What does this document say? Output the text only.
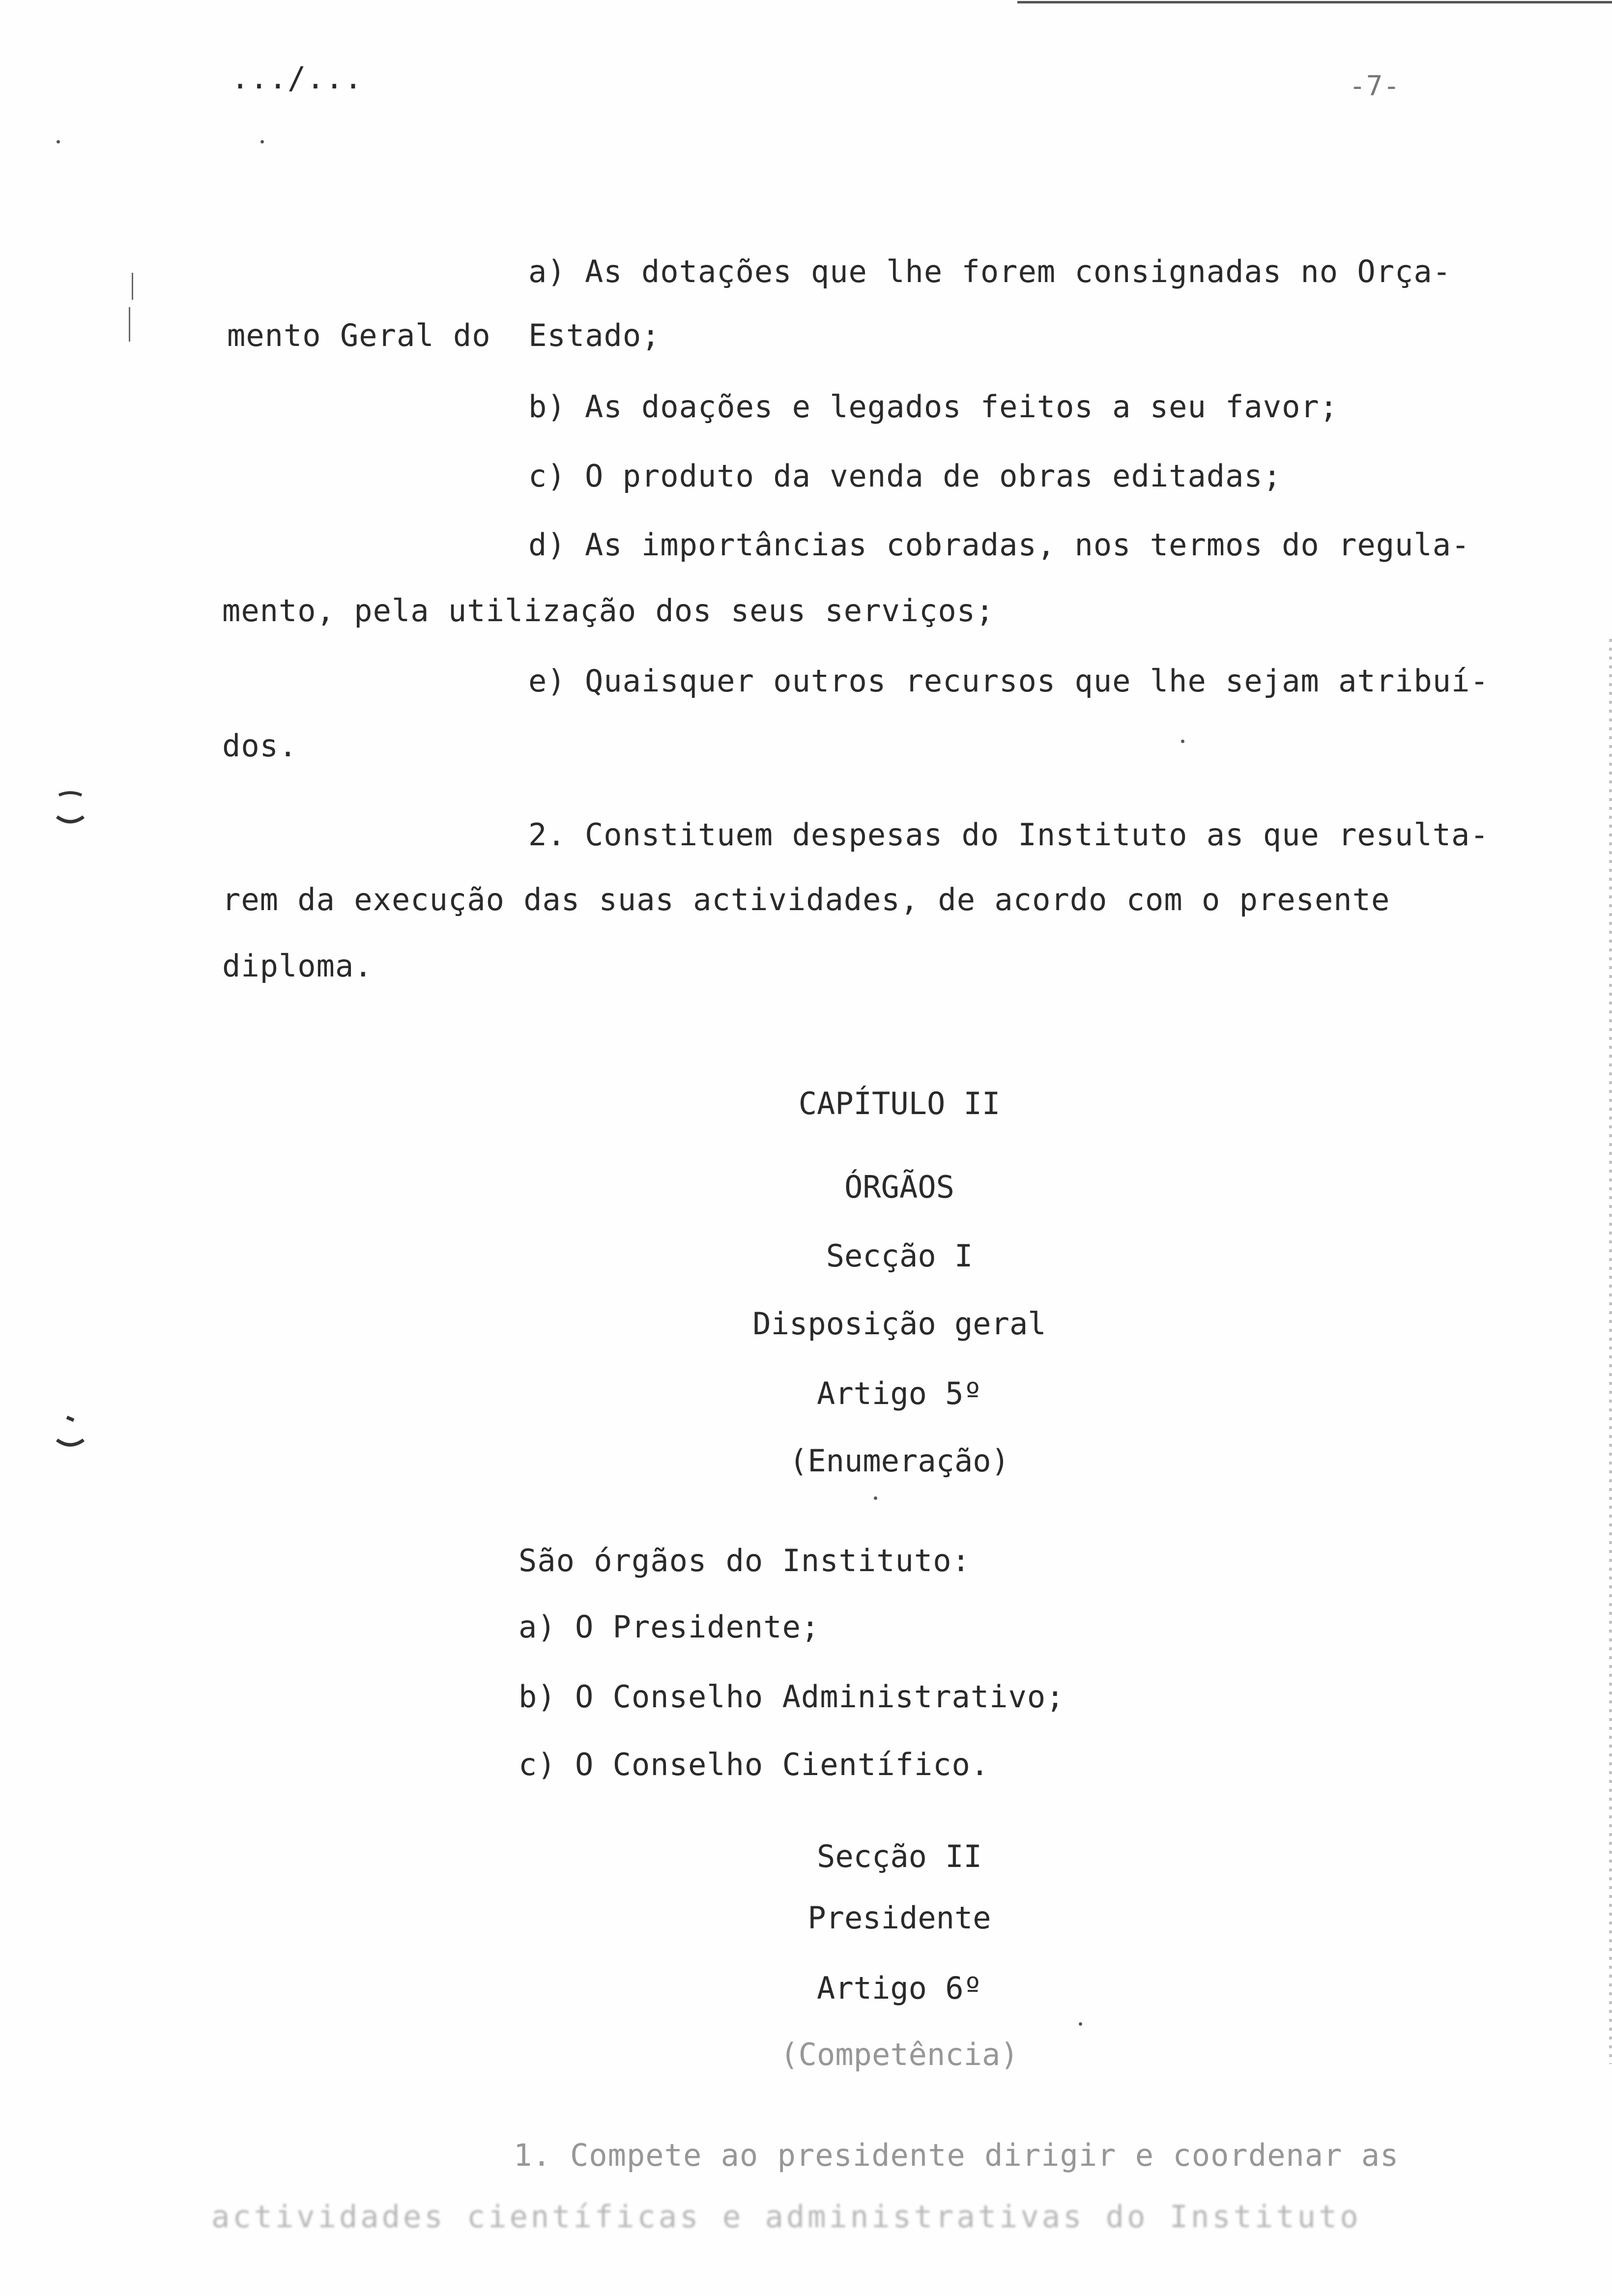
.../...	-7-
a) As dotações que lhe forem consignadas no Orça-
mento Geral do  Estado;
b) As doações e legados feitos a seu favor;
c) O produto da venda de obras editadas;
d) As importâncias cobradas, nos termos do regula-
mento, pela utilização dos seus serviços;
e) Quaisquer outros recursos que lhe sejam atribuí-
dos.
2. Constituem despesas do Instituto as que resulta-
rem da execução das suas actividades, de acordo com o presente
diploma.
CAPÍTULO II
ÓRGÃOS
Secção I
Disposição geral
Artigo 5º
(Enumeração)
São órgãos do Instituto:
a) O Presidente;
b) O Conselho Administrativo;
c) O Conselho Científico.
Secção II
Presidente
Artigo 6º
(Competência)
1. Compete ao presidente dirigir e coordenar as
actividades científicas e administrativas do Instituto
